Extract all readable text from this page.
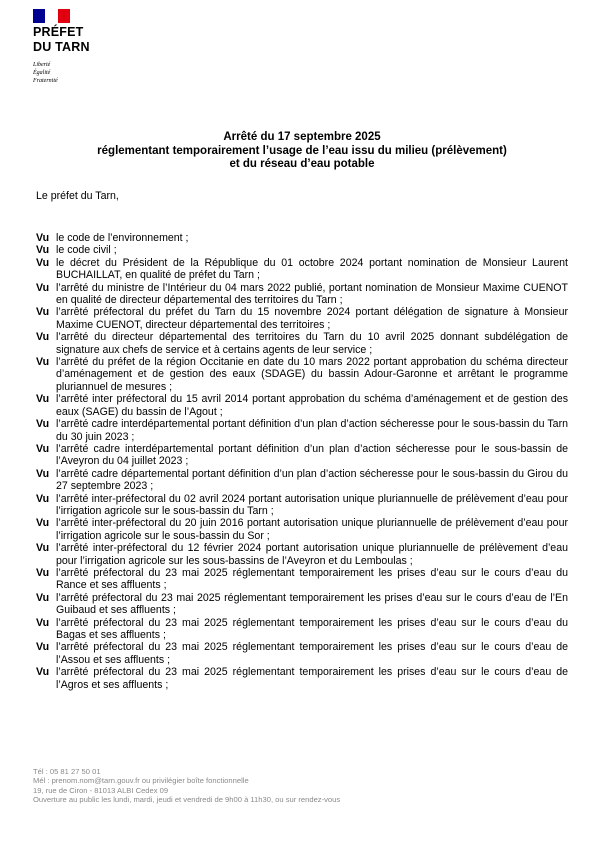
PRÉFET
DU TARN
Liberté
Égalité
Fraternité
Arrêté du 17 septembre 2025
réglementant temporairement l’usage de l’eau issu du milieu (prélèvement)
et du réseau d’eau potable
Le préfet du Tarn,
Vu le code de l’environnement ;
Vu le code civil ;
Vu le décret du Président de la République du 01 octobre 2024 portant nomination de Monsieur Laurent BUCHAILLAT, en qualité de préfet du Tarn ;
Vu l’arrêté du ministre de l’Intérieur du 04 mars 2022 publié, portant nomination de Monsieur Maxime CUENOT en qualité de directeur départemental des territoires du Tarn ;
Vu l’arrêté préfectoral du préfet du Tarn du 15 novembre 2024 portant délégation de signature à Monsieur Maxime CUENOT, directeur départemental des territoires ;
Vu l’arrêté du directeur départemental des territoires du Tarn du 10 avril 2025 donnant subdélégation de signature aux chefs de service et à certains agents de leur service ;
Vu l’arrêté du préfet de la région Occitanie en date du 10 mars 2022 portant approbation du schéma directeur d’aménagement et de gestion des eaux (SDAGE) du bassin Adour-Garonne et arrêtant le programme pluriannuel de mesures ;
Vu l’arrêté inter préfectoral du 15 avril 2014 portant approbation du schéma d’aménagement et de gestion des eaux (SAGE) du bassin de l’Agout ;
Vu l’arrêté cadre interdépartemental portant définition d’un plan d’action sécheresse pour le sous-bassin du Tarn du 30 juin 2023 ;
Vu l’arrêté cadre interdépartemental portant définition d’un plan d’action sécheresse pour le sous-bassin de l’Aveyron du 04 juillet 2023 ;
Vu l’arrêté cadre départemental portant définition d’un plan d’action sécheresse pour le sous-bassin du Girou du 27 septembre 2023 ;
Vu l’arrêté inter-préfectoral du 02 avril 2024 portant autorisation unique pluriannuelle de prélèvement d’eau pour l’irrigation agricole sur le sous-bassin du Tarn ;
Vu l’arrêté inter-préfectoral du 20 juin 2016 portant autorisation unique pluriannuelle de prélèvement d’eau pour l’irrigation agricole sur le sous-bassin du Sor ;
Vu l’arrêté inter-préfectoral du 12 février 2024 portant autorisation unique pluriannuelle de prélèvement d’eau pour l’irrigation agricole sur les sous-bassins de l’Aveyron et du Lemboulas ;
Vu l’arrêté préfectoral du 23 mai 2025 réglementant temporairement les prises d’eau sur le cours d’eau du Rance et ses affluents ;
Vu l’arrêté préfectoral du 23 mai 2025 réglementant temporairement les prises d’eau sur le cours d’eau de l’En Guibaud et ses affluents ;
Vu l’arrêté préfectoral du 23 mai 2025 réglementant temporairement les prises d’eau sur le cours d’eau du Bagas et ses affluents ;
Vu l’arrêté préfectoral du 23 mai 2025 réglementant temporairement les prises d’eau sur le cours d’eau de l’Assou et ses affluents ;
Vu l’arrêté préfectoral du 23 mai 2025 réglementant temporairement les prises d’eau sur le cours d’eau de l’Agros et ses affluents ;
Tél : 05 81 27 50 01
Mél : prenom.nom@tarn.gouv.fr ou privilégier boîte fonctionnelle
19, rue de Ciron - 81013 ALBI Cedex 09
Ouverture au public les lundi, mardi, jeudi et vendredi de 9h00 à 11h30, ou sur rendez-vous
